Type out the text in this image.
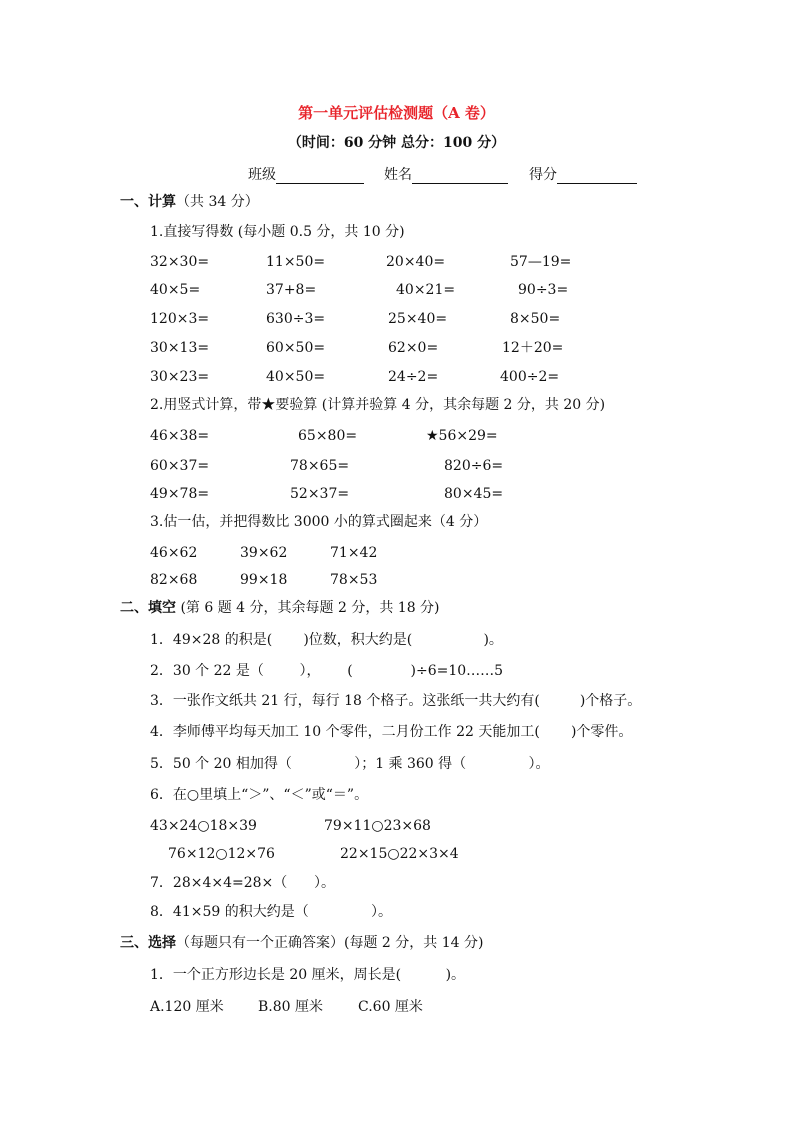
第一单元评估检测题（A 卷）
（时间：60 分钟 总分：100 分）
班级	姓名	得分
一、计算（共 34 分）
1.直接写得数 (每小题 0.5 分，共 10 分)
32×30=	11×50=	20×40=	57—19=
40×5=	37+8=	40×21=	90÷3=
120×3=	630÷3=	25×40=	8×50=
30×13=	60×50=	62×0=	12＋20=
30×23=	40×50=	24÷2=	400÷2=
2.用竖式计算，带★要验算 (计算并验算 4 分，其余每题 2 分，共 20 分)
46×38=	65×80=	★56×29=
60×37=	78×65=	820÷6=
49×78=	52×37=	80×45=
3.估一估，并把得数比 3000 小的算式圈起来（4 分）
46×62	39×62	71×42
82×68	99×18	78×53
二、填空 (第 6 题 4 分，其余每题 2 分，共 18 分)
1．49×28 的积是(       )位数，积大约是(                )。
2．30 个 22 是（        ），      (             )÷6=10……5
3．一张作文纸共 21 行，每行 18 个格子。这张纸一共大约有(         )个格子。
4．李师傅平均每天加工 10 个零件，二月份工作 22 天能加工(       )个零件。
5．50 个 20 相加得（              ）；1 乘 360 得（              ）。
6．在○里填上“＞”、“＜”或“＝”。
43×24○18×39	79×11○23×68
76×12○12×76	22×15○22×3×4
7．28×4×4=28×（      ）。
8．41×59 的积大约是（              ）。
三、选择（每题只有一个正确答案）(每题 2 分，共 14 分)
1．一个正方形边长是 20 厘米，周长是(          )。
A.120 厘米 B.80 厘米 C.60 厘米
